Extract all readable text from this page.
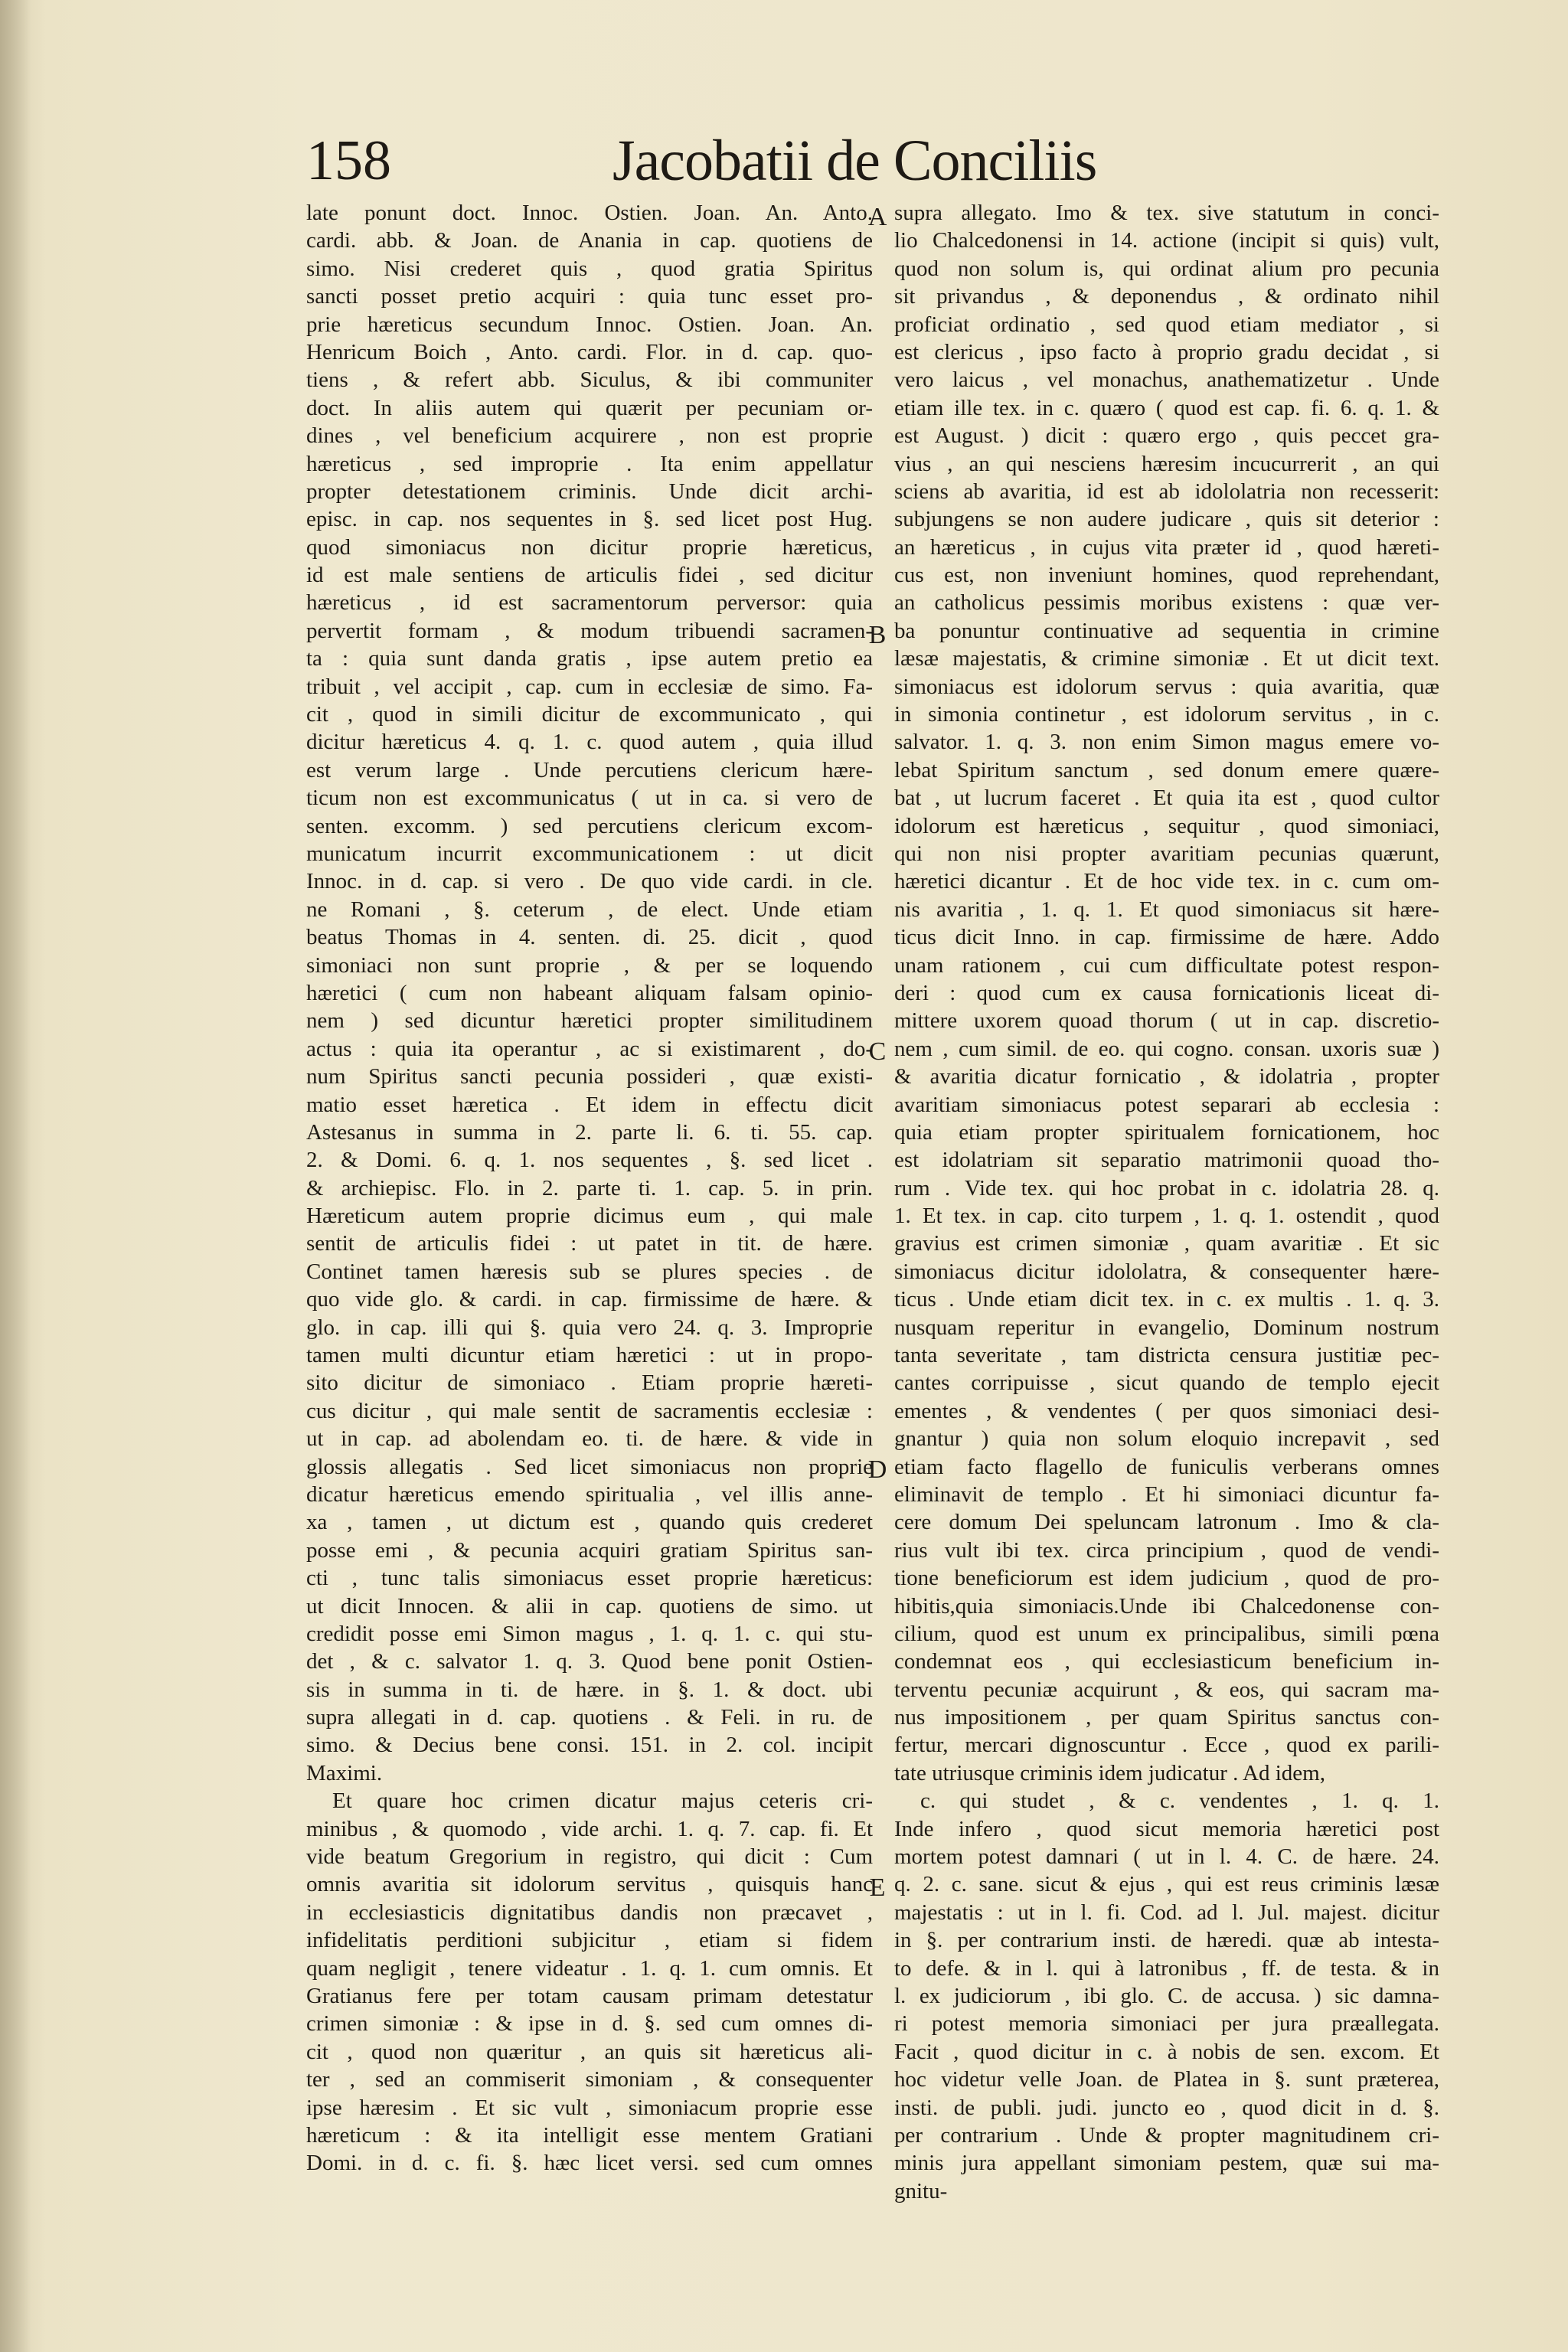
158	Jacobatii de Conciliis
A
B
C
D
E
late ponunt doct. Innoc. Ostien. Joan. An. Anto.
cardi. abb. & Joan. de Anania in cap. quotiens de
simo. Nisi crederet quis , quod gratia Spiritus
sancti posset pretio acquiri : quia tunc esset pro-
prie hæreticus secundum Innoc. Ostien. Joan. An.
Henricum Boich , Anto. cardi. Flor. in d. cap. quo-
tiens , & refert abb. Siculus, & ibi communiter
doct. In aliis autem qui quærit per pecuniam or-
dines , vel beneficium acquirere , non est proprie
hæreticus , sed improprie . Ita enim appellatur
propter detestationem criminis. Unde dicit archi-
episc. in cap. nos sequentes in §. sed licet post Hug.
quod simoniacus non dicitur proprie hæreticus,
id est male sentiens de articulis fidei , sed dicitur
hæreticus , id est sacramentorum perversor: quia
pervertit formam , & modum tribuendi sacramen-
ta : quia sunt danda gratis , ipse autem pretio ea
tribuit , vel accipit , cap. cum in ecclesiæ de simo. Fa-
cit , quod in simili dicitur de excommunicato , qui
dicitur hæreticus 4. q. 1. c. quod autem , quia illud
est verum large . Unde percutiens clericum hære-
ticum non est excommunicatus ( ut in ca. si vero de
senten. excomm. ) sed percutiens clericum excom-
municatum incurrit excommunicationem : ut dicit
Innoc. in d. cap. si vero . De quo vide cardi. in cle.
ne Romani , §. ceterum , de elect. Unde etiam
beatus Thomas in 4. senten. di. 25. dicit , quod
simoniaci non sunt proprie , & per se loquendo
hæretici ( cum non habeant aliquam falsam opinio-
nem ) sed dicuntur hæretici propter similitudinem
actus : quia ita operantur , ac si existimarent , do-
num Spiritus sancti pecunia possideri , quæ existi-
matio esset hæretica . Et idem in effectu dicit
Astesanus in summa in 2. parte li. 6. ti. 55. cap.
2. & Domi. 6. q. 1. nos sequentes , §. sed licet .
& archiepisc. Flo. in 2. parte ti. 1. cap. 5. in prin.
Hæreticum autem proprie dicimus eum , qui male
sentit de articulis fidei : ut patet in tit. de hære.
Continet tamen hæresis sub se plures species . de
quo vide glo. & cardi. in cap. firmissime de hære. &
glo. in cap. illi qui §. quia vero 24. q. 3. Improprie
tamen multi dicuntur etiam hæretici : ut in propo-
sito dicitur de simoniaco . Etiam proprie hæreti-
cus dicitur , qui male sentit de sacramentis ecclesiæ :
ut in cap. ad abolendam eo. ti. de hære. & vide in
glossis allegatis . Sed licet simoniacus non proprie
dicatur hæreticus emendo spiritualia , vel illis anne-
xa , tamen , ut dictum est , quando quis crederet
posse emi , & pecunia acquiri gratiam Spiritus san-
cti , tunc talis simoniacus esset proprie hæreticus:
ut dicit Innocen. & alii in cap. quotiens de simo. ut
credidit posse emi Simon magus , 1. q. 1. c. qui stu-
det , & c. salvator 1. q. 3. Quod bene ponit Ostien-
sis in summa in ti. de hære. in §. 1. & doct. ubi
supra allegati in d. cap. quotiens . & Feli. in ru. de
simo. & Decius bene consi. 151. in 2. col. incipit
Maximi.
Et quare hoc crimen dicatur majus ceteris cri-
minibus , & quomodo , vide archi. 1. q. 7. cap. fi. Et
vide beatum Gregorium in registro, qui dicit : Cum
omnis avaritia sit idolorum servitus , quisquis hanc
in ecclesiasticis dignitatibus dandis non præcavet ,
infidelitatis perditioni subjicitur , etiam si fidem
quam negligit , tenere videatur . 1. q. 1. cum omnis. Et
Gratianus fere per totam causam primam detestatur
crimen simoniæ : & ipse in d. §. sed cum omnes di-
cit , quod non quæritur , an quis sit hæreticus ali-
ter , sed an commiserit simoniam , & consequenter
ipse hæresim . Et sic vult , simoniacum proprie esse
hæreticum : & ita intelligit esse mentem Gratiani
Domi. in d. c. fi. §. hæc licet versi. sed cum omnes
supra allegato. Imo & tex. sive statutum in conci-
lio Chalcedonensi in 14. actione (incipit si quis) vult,
quod non solum is, qui ordinat alium pro pecunia
sit privandus , & deponendus , & ordinato nihil
proficiat ordinatio , sed quod etiam mediator , si
est clericus , ipso facto à proprio gradu decidat , si
vero laicus , vel monachus, anathematizetur . Unde
etiam ille tex. in c. quæro ( quod est cap. fi. 6. q. 1. &
est August. ) dicit : quæro ergo , quis peccet gra-
vius , an qui nesciens hæresim incucurrerit , an qui
sciens ab avaritia, id est ab idololatria non recesserit:
subjungens se non audere judicare , quis sit deterior :
an hæreticus , in cujus vita præter id , quod hæreti-
cus est, non inveniunt homines, quod reprehendant,
an catholicus pessimis moribus existens : quæ ver-
ba ponuntur continuative ad sequentia in crimine
læsæ majestatis, & crimine simoniæ . Et ut dicit text.
simoniacus est idolorum servus : quia avaritia, quæ
in simonia continetur , est idolorum servitus , in c.
salvator. 1. q. 3. non enim Simon magus emere vo-
lebat Spiritum sanctum , sed donum emere quære-
bat , ut lucrum faceret . Et quia ita est , quod cultor
idolorum est hæreticus , sequitur , quod simoniaci,
qui non nisi propter avaritiam pecunias quærunt,
hæretici dicantur . Et de hoc vide tex. in c. cum om-
nis avaritia , 1. q. 1. Et quod simoniacus sit hære-
ticus dicit Inno. in cap. firmissime de hære. Addo
unam rationem , cui cum difficultate potest respon-
deri : quod cum ex causa fornicationis liceat di-
mittere uxorem quoad thorum ( ut in cap. discretio-
nem , cum simil. de eo. qui cogno. consan. uxoris suæ )
& avaritia dicatur fornicatio , & idolatria , propter
avaritiam simoniacus potest separari ab ecclesia :
quia etiam propter spiritualem fornicationem, hoc
est idolatriam sit separatio matrimonii quoad tho-
rum . Vide tex. qui hoc probat in c. idolatria 28. q.
1. Et tex. in cap. cito turpem , 1. q. 1. ostendit , quod
gravius est crimen simoniæ , quam avaritiæ . Et sic
simoniacus dicitur idololatra, & consequenter hære-
ticus . Unde etiam dicit tex. in c. ex multis . 1. q. 3.
nusquam reperitur in evangelio, Dominum nostrum
tanta severitate , tam districta censura justitiæ pec-
cantes corripuisse , sicut quando de templo ejecit
ementes , & vendentes ( per quos simoniaci desi-
gnantur ) quia non solum eloquio increpavit , sed
etiam facto flagello de funiculis verberans omnes
eliminavit de templo . Et hi simoniaci dicuntur fa-
cere domum Dei speluncam latronum . Imo & cla-
rius vult ibi tex. circa principium , quod de vendi-
tione beneficiorum est idem judicium , quod de pro-
hibitis,quia simoniacis.Unde ibi Chalcedonense con-
cilium, quod est unum ex principalibus, simili pœna
condemnat eos , qui ecclesiasticum beneficium in-
terventu pecuniæ acquirunt , & eos, qui sacram ma-
nus impositionem , per quam Spiritus sanctus con-
fertur, mercari dignoscuntur . Ecce , quod ex parili-
tate utriusque criminis idem judicatur . Ad idem,
c. qui studet , & c. vendentes , 1. q. 1.
Inde infero , quod sicut memoria hæretici post
mortem potest damnari ( ut in l. 4. C. de hære. 24.
q. 2. c. sane. sicut & ejus , qui est reus criminis læsæ
majestatis : ut in l. fi. Cod. ad l. Jul. majest. dicitur
in §. per contrarium insti. de hæredi. quæ ab intesta-
to defe. & in l. qui à latronibus , ff. de testa. & in
l. ex judiciorum , ibi glo. C. de accusa. ) sic damna-
ri potest memoria simoniaci per jura præallegata.
Facit , quod dicitur in c. à nobis de sen. excom. Et
hoc videtur velle Joan. de Platea in §. sunt præterea,
insti. de publi. judi. juncto eo , quod dicit in d. §.
per contrarium . Unde & propter magnitudinem cri-
minis jura appellant simoniam pestem, quæ sui ma-
gnitu-
